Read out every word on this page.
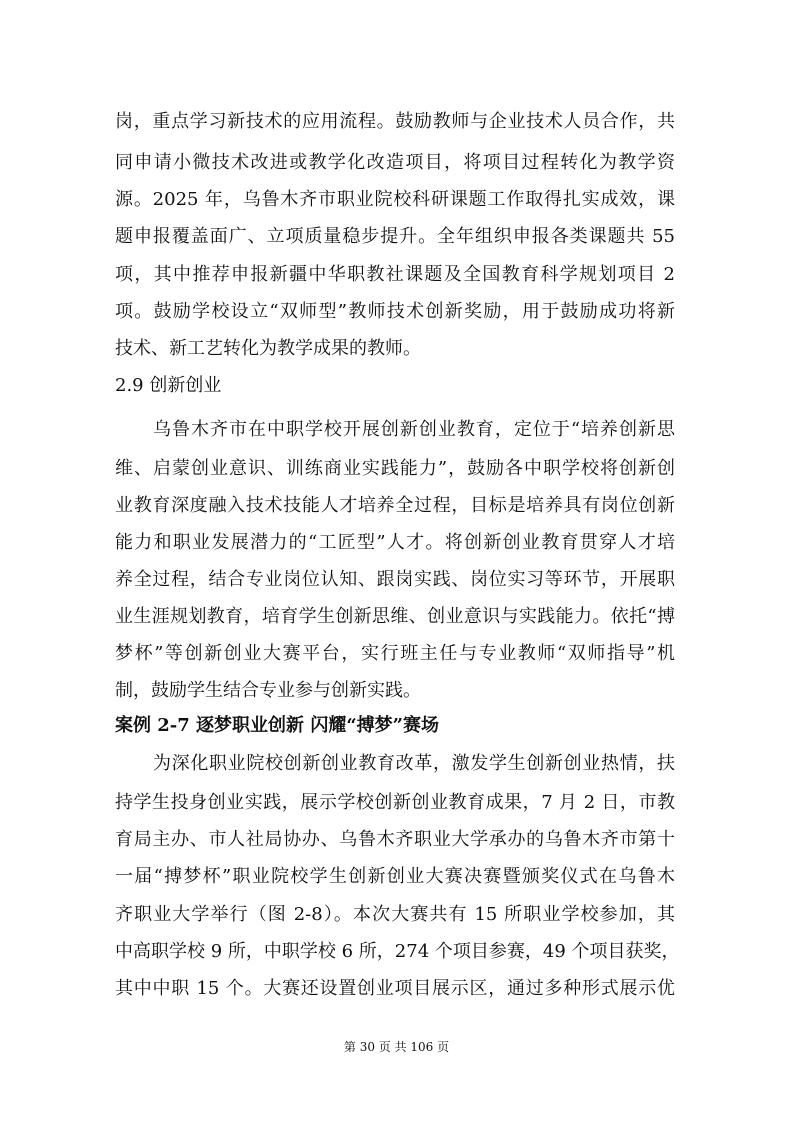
岗，重点学习新技术的应用流程。鼓励教师与企业技术人员合作，共
同申请小微技术改进或教学化改造项目，将项目过程转化为教学资
源。2025 年，乌鲁木齐市职业院校科研课题工作取得扎实成效，课
题申报覆盖面广、立项质量稳步提升。全年组织申报各类课题共 55
项，其中推荐申报新疆中华职教社课题及全国教育科学规划项目 2
项。鼓励学校设立“双师型”教师技术创新奖励，用于鼓励成功将新
技术、新工艺转化为教学成果的教师。
2.9 创新创业
乌鲁木齐市在中职学校开展创新创业教育，定位于“培养创新思
维、启蒙创业意识、训练商业实践能力”，鼓励各中职学校将创新创
业教育深度融入技术技能人才培养全过程，目标是培养具有岗位创新
能力和职业发展潜力的“工匠型”人才。将创新创业教育贯穿人才培
养全过程，结合专业岗位认知、跟岗实践、岗位实习等环节，开展职
业生涯规划教育，培育学生创新思维、创业意识与实践能力。依托“搏
梦杯”等创新创业大赛平台，实行班主任与专业教师“双师指导”机
制，鼓励学生结合专业参与创新实践。
案例 2-7 逐梦职业创新 闪耀“搏梦”赛场
为深化职业院校创新创业教育改革，激发学生创新创业热情，扶
持学生投身创业实践，展示学校创新创业教育成果，7 月 2 日，市教
育局主办、市人社局协办、乌鲁木齐职业大学承办的乌鲁木齐市第十
一届“搏梦杯”职业院校学生创新创业大赛决赛暨颁奖仪式在乌鲁木
齐职业大学举行（图 2-8）。本次大赛共有 15 所职业学校参加，其
中高职学校 9 所，中职学校 6 所，274 个项目参赛，49 个项目获奖，
其中中职 15 个。大赛还设置创业项目展示区，通过多种形式展示优
第 30 页 共 106 页
